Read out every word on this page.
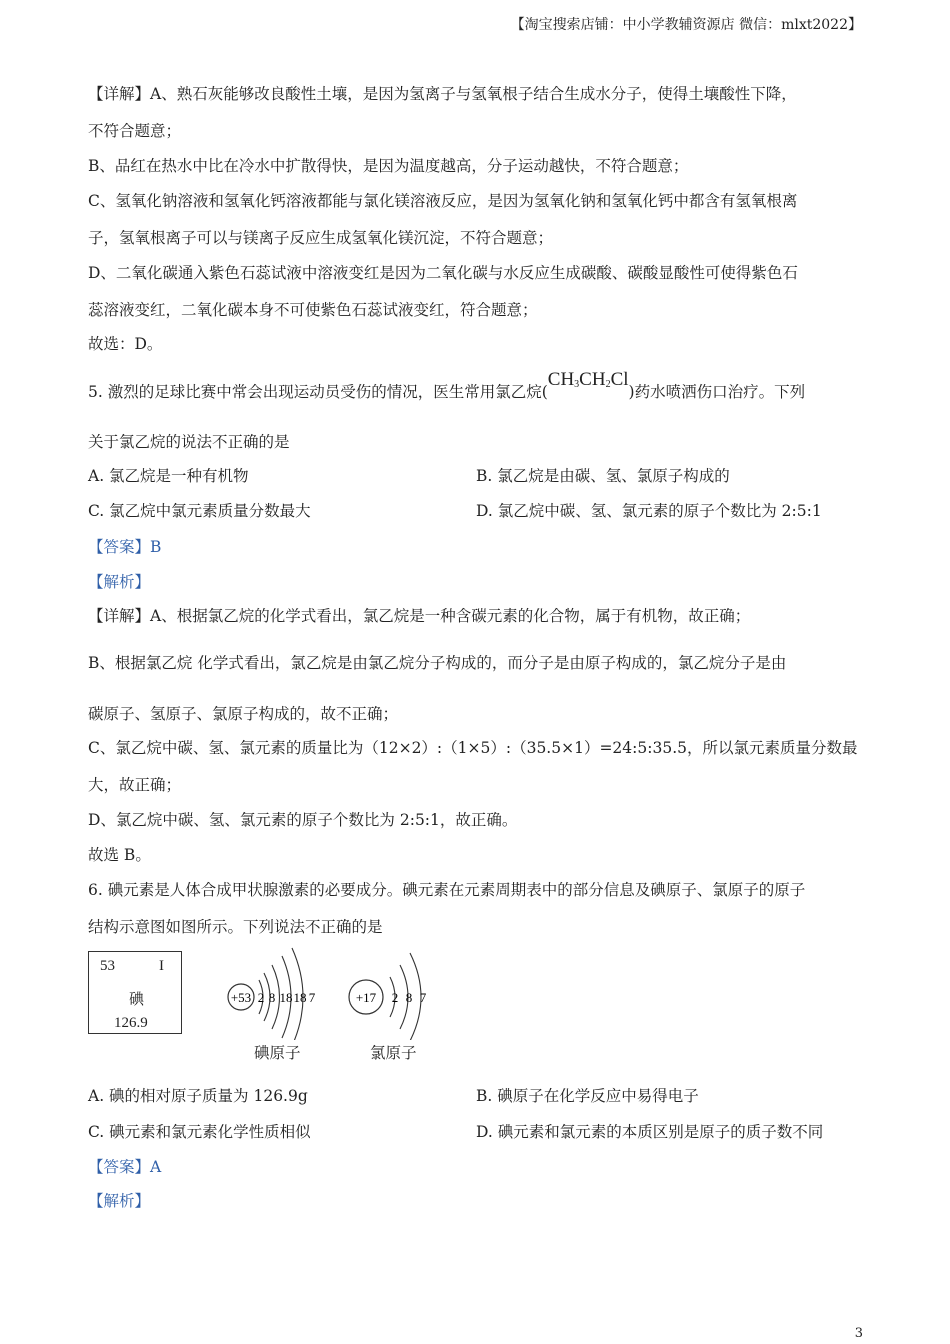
【淘宝搜索店铺：中小学教辅资源店 微信：mlxt2022】
【详解】A、熟石灰能够改良酸性土壤，是因为氢离子与氢氧根子结合生成水分子，使得土壤酸性下降，
不符合题意；
B、品红在热水中比在冷水中扩散得快，是因为温度越高，分子运动越快，不符合题意；
C、氢氧化钠溶液和氢氧化钙溶液都能与氯化镁溶液反应，是因为氢氧化钠和氢氧化钙中都含有氢氧根离
子，氢氧根离子可以与镁离子反应生成氢氧化镁沉淀，不符合题意；
D、二氧化碳通入紫色石蕊试液中溶液变红是因为二氧化碳与水反应生成碳酸、碳酸显酸性可使得紫色石
蕊溶液变红，二氧化碳本身不可使紫色石蕊试液变红，符合题意；
故选：D。
5. 激烈的足球比赛中常会出现运动员受伤的情况，医生常用氯乙烷$(CH_3CH_2Cl)$药水喷洒伤口治疗。下列
关于氯乙烷的说法不正确的是
A. 氯乙烷是一种有机物	B. 氯乙烷是由碳、氢、氯原子构成的
C. 氯乙烷中氯元素质量分数最大	D. 氯乙烷中碳、氢、氯元素的原子个数比为 2:5:1
【答案】B
【解析】
【详解】A、根据氯乙烷的化学式看出，氯乙烷是一种含碳元素的化合物，属于有机物，故正确；
B、根据氯乙烷 化学式看出，氯乙烷是由氯乙烷分子构成的，而分子是由原子构成的，氯乙烷分子是由
碳原子、氢原子、氯原子构成的，故不正确；
C、氯乙烷中碳、氢、氯元素的质量比为（12×2）:（1×5）:（35.5×1）=24:5:35.5，所以氯元素质量分数最
大，故正确；
D、氯乙烷中碳、氢、氯元素的原子个数比为 2:5:1，故正确。
故选 B。
6. 碘元素是人体合成甲状腺激素的必要成分。碘元素在元素周期表中的部分信息及碘原子、氯原子的原子
结构示意图如图所示。下列说法不正确的是
53	I
碘
126.9
+53 2 8 18 18 7
碘原子
+17 2 8 7
氯原子
A. 碘的相对原子质量为 126.9g	B. 碘原子在化学反应中易得电子
C. 碘元素和氯元素化学性质相似	D. 碘元素和氯元素的本质区别是原子的质子数不同
【答案】A
【解析】
3
